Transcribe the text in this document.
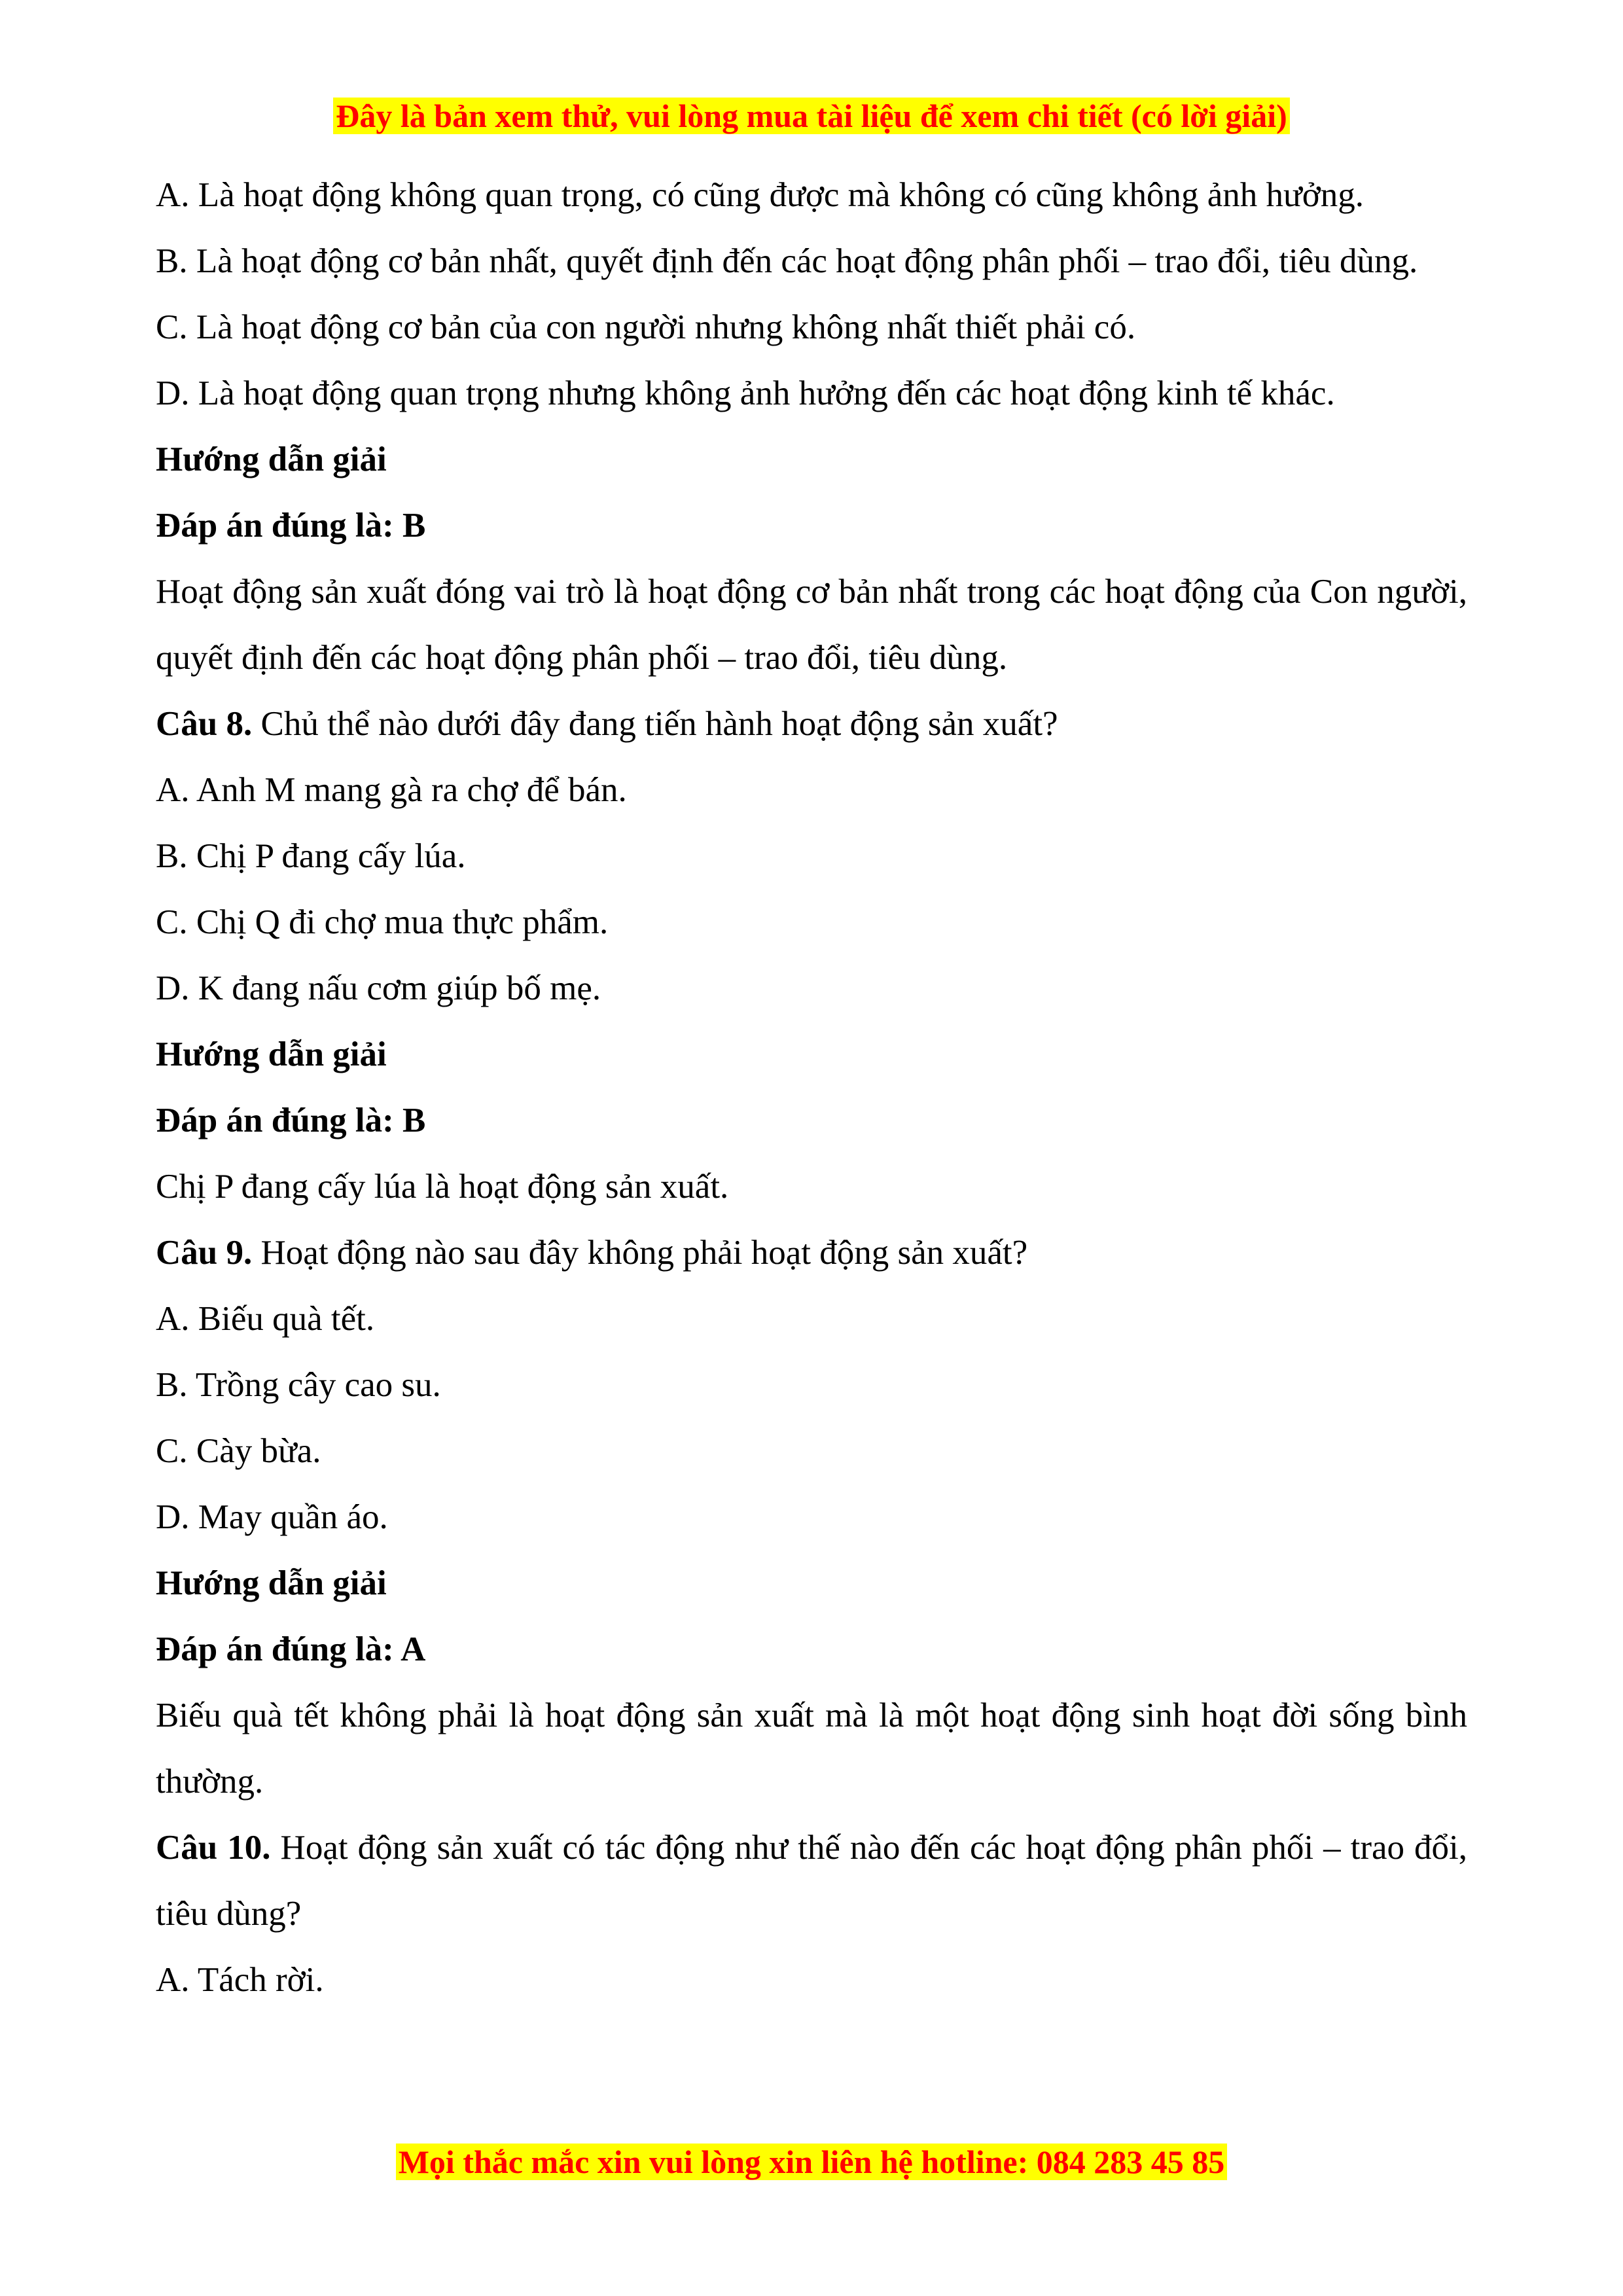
Đây là bản xem thử, vui lòng mua tài liệu để xem chi tiết (có lời giải)

A. Là hoạt động không quan trọng, có cũng được mà không có cũng không ảnh hưởng.

B. Là hoạt động cơ bản nhất, quyết định đến các hoạt động phân phối – trao đổi, tiêu dùng.

C. Là hoạt động cơ bản của con người nhưng không nhất thiết phải có.

D. Là hoạt động quan trọng nhưng không ảnh hưởng đến các hoạt động kinh tế khác.

Hướng dẫn giải

Đáp án đúng là: B

Hoạt động sản xuất đóng vai trò là hoạt động cơ bản nhất trong các hoạt động của Con người, quyết định đến các hoạt động phân phối – trao đổi, tiêu dùng.

Câu 8. Chủ thể nào dưới đây đang tiến hành hoạt động sản xuất?

A. Anh M mang gà ra chợ để bán.

B. Chị P đang cấy lúa.

C. Chị Q đi chợ mua thực phẩm.

D. K đang nấu cơm giúp bố mẹ.

Hướng dẫn giải

Đáp án đúng là: B

Chị P đang cấy lúa là hoạt động sản xuất.

Câu 9. Hoạt động nào sau đây không phải hoạt động sản xuất?

A. Biếu quà tết.

B. Trồng cây cao su.

C. Cày bừa.

D. May quần áo.

Hướng dẫn giải

Đáp án đúng là: A

Biếu quà tết không phải là hoạt động sản xuất mà là một hoạt động sinh hoạt đời sống bình thường.

Câu 10. Hoạt động sản xuất có tác động như thế nào đến các hoạt động phân phối – trao đổi, tiêu dùng?

A. Tách rời.

Mọi thắc mắc xin vui lòng xin liên hệ hotline: 084 283 45 85
